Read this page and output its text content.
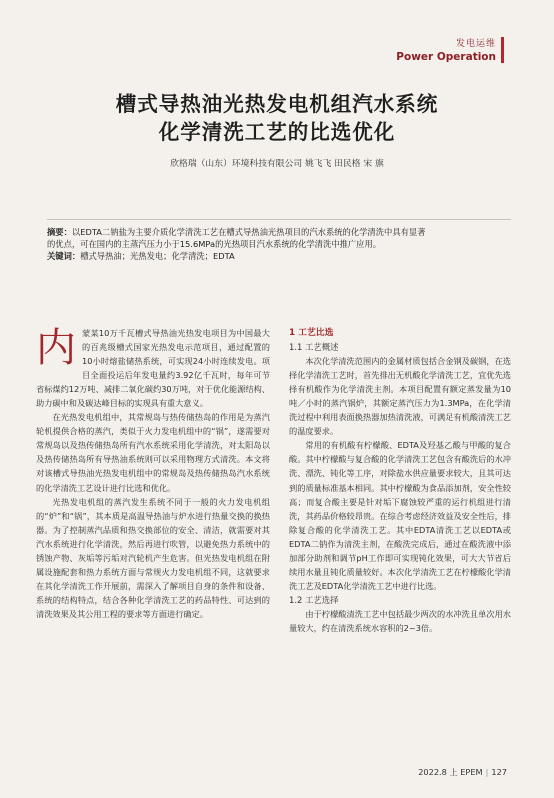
发电运维
Power Operation
槽式导热油光热发电机组汽水系统
化学清洗工艺的比选优化
欣格瑞（山东）环境科技有限公司 姚飞飞 田民格 宋 旗
摘要：以EDTA二钠盐为主要介质化学清洗工艺在槽式导热油光热项目的汽水系统的化学清洗中具有显著
的优点，可在国内的主蒸汽压力小于15.6MPa的光热项目汽水系统的化学清洗中推广应用。
关键词：槽式导热油；光热发电；化学清洗；EDTA

内蒙某10万千瓦槽式导热油光热发电项目为中国最大的百兆级槽式国家光热发电示范项目，通过配置的10小时熔盐储热系统，可实现24小时连续发电。项目全面投运后年发电量约3.92亿千瓦时，每年可节省标煤约12万吨、减排二氧化碳约30万吨，对于优化能源结构、助力碳中和及碳达峰目标的实现具有重大意义。

在光热发电机组中，其常规岛与热传储热岛的作用是为蒸汽轮机提供合格的蒸汽，类似于火力发电机组中的“锅”，遂需要对常规岛以及热传储热岛所有汽水系统采用化学清洗，对太阳岛以及热传储热岛所有导热油系统则可以采用物理方式清洗。本文将对该槽式导热油光热发电机组中的常规岛及热传储热岛汽水系统的化学清洗工艺设计进行比选和优化。

光热发电机组的蒸汽发生系统不同于一般的火力发电机组的“炉”和“锅”，其本质是高温导热油与炉水进行热量交换的换热器。为了控制蒸汽品质和热交换部位的安全、清洁，就需要对其汽水系统进行化学清洗，然后再进行吹管，以避免热力系统中的锈蚀产物、灰垢等污垢对汽轮机产生危害。但光热发电机组在附属设施配套和热力系统方面与常规火力发电机组不同，这就要求在其化学清洗工作开展前，需深入了解项目自身的条件和设备、系统的结构特点，结合各种化学清洗工艺的药品特性、可达到的清洗效果及其公用工程的要求等方面进行确定。

1 工艺比选

1.1 工艺概述

本次化学清洗范围内的金属材质包括合金钢及碳钢，在选择化学清洗工艺时，首先排出无机酸化学清洗工艺，宜优先选择有机酸作为化学清洗主剂。本项目配置有额定蒸发量为10吨／小时的蒸汽锅炉，其额定蒸汽压力为1.3MPa，在化学清洗过程中利用表面换热器加热清洗液，可满足有机酸清洗工艺的温度要求。

常用的有机酸有柠檬酸、EDTA及羟基乙酸与甲酸的复合酸。其中柠檬酸与复合酸的化学清洗工艺包含有酸洗后的水冲洗、漂洗、钝化等工序，对除盐水供应量要求较大，且其可达到的质量标准基本相同。其中柠檬酸为食品添加剂，安全性较高；而复合酸主要是针对垢下腐蚀较严重的运行机组进行清洗，其药品价格较昂贵。在综合考虑经济效益及安全性后，排除复合酸的化学清洗工艺。其中EDTA清洗工艺以EDTA或EDTA二钠作为清洗主剂，在酸洗完成后，通过在酸洗液中添加部分助剂和调节pH工作即可实现钝化效果，可大大节省后续用水量且钝化质量较好。本次化学清洗工艺在柠檬酸化学清洗工艺及EDTA化学清洗工艺中进行比选。

1.2 工艺选择

由于柠檬酸清洗工艺中包括最少两次的水冲洗且单次用水量较大，约在清洗系统水容积的2~3倍。

2022.8 上 EPEM | 127
